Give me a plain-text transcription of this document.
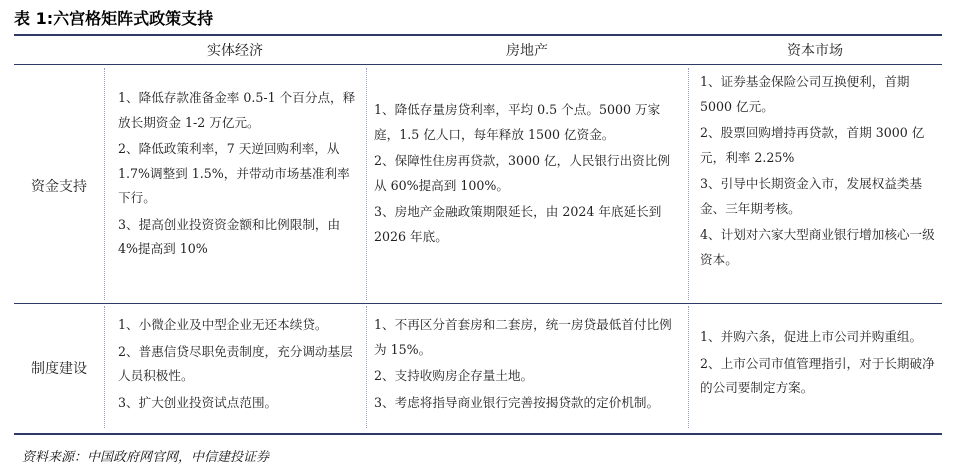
表 1:六宫格矩阵式政策支持
实体经济	房地产	资本市场
资金支持

1、降低存款准备金率 0.5-1 个百分点，释放长期资金 1-2 万亿元。

2、降低政策利率，7 天逆回购利率，从 1.7%调整到 1.5%，并带动市场基准利率下行。

3、提高创业投资资金额和比例限制，由 4%提高到 10%

1、降低存量房贷利率，平均 0.5 个点。5000 万家庭，1.5 亿人口，每年释放 1500 亿资金。

2、保障性住房再贷款，3000 亿，人民银行出资比例从 60%提高到 100%。

3、房地产金融政策期限延长，由 2024 年底延长到 2026 年底。

1、证券基金保险公司互换便利，首期 5000 亿元。

2、股票回购增持再贷款，首期 3000 亿元，利率 2.25%

3、引导中长期资金入市，发展权益类基金、三年期考核。

4、计划对六家大型商业银行增加核心一级资本。

制度建设

1、小微企业及中型企业无还本续贷。

2、普惠信贷尽职免责制度，充分调动基层人员积极性。

3、扩大创业投资试点范围。

1、不再区分首套房和二套房，统一房贷最低首付比例为 15%。

2、支持收购房企存量土地。

3、考虑将指导商业银行完善按揭贷款的定价机制。

1、并购六条，促进上市公司并购重组。

2、上市公司市值管理指引，对于长期破净的公司要制定方案。

资料来源：中国政府网官网，中信建投证券
